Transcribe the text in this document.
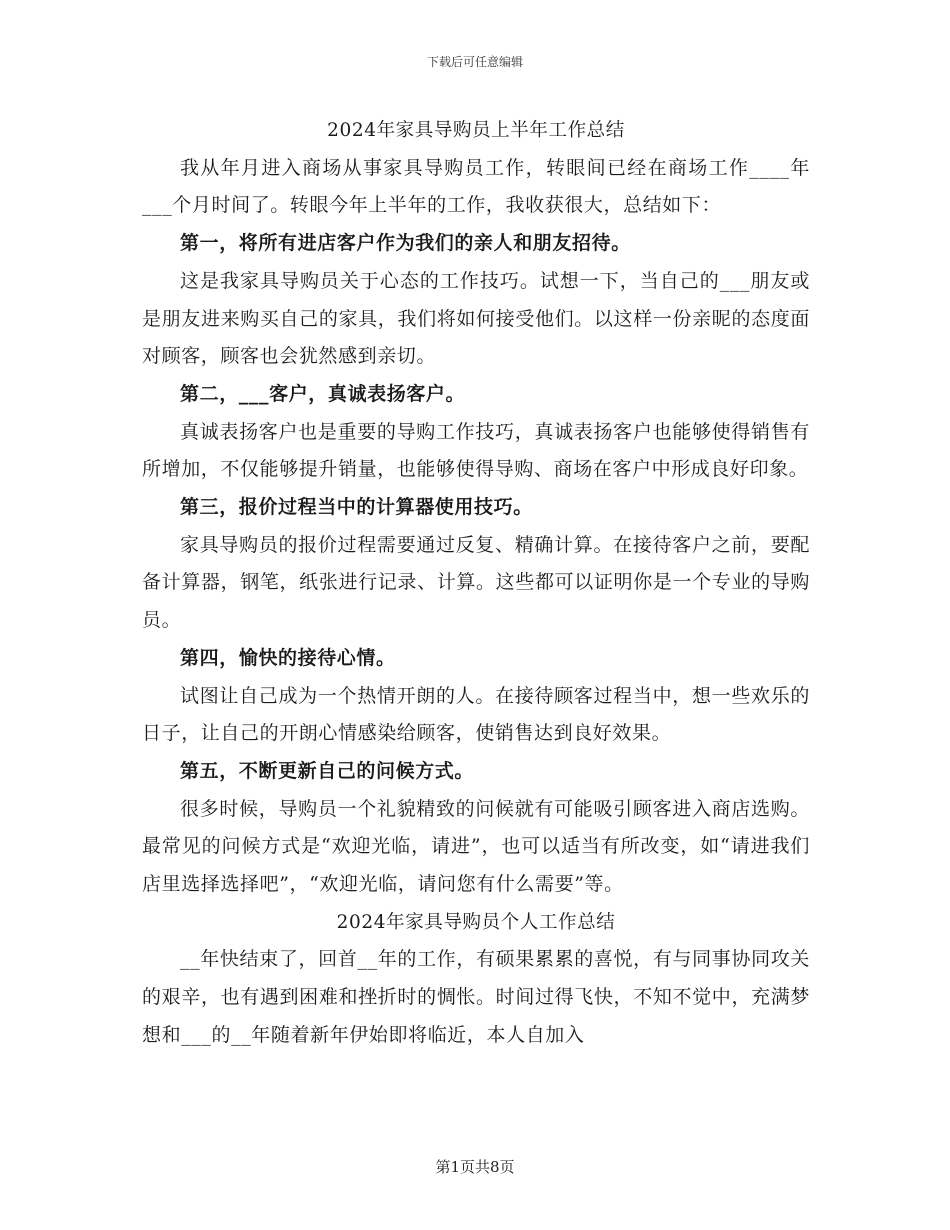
下载后可任意编辑

2024年家具导购员上半年工作总结

我从年月进入商场从事家具导购员工作，转眼间已经在商场工作____年___个月时间了。转眼今年上半年的工作，我收获很大，总结如下：

第一，将所有进店客户作为我们的亲人和朋友招待。

这是我家具导购员关于心态的工作技巧。试想一下，当自己的___朋友或是朋友进来购买自己的家具，我们将如何接受他们。以这样一份亲昵的态度面对顾客，顾客也会犹然感到亲切。

第二，___客户，真诚表扬客户。

真诚表扬客户也是重要的导购工作技巧，真诚表扬客户也能够使得销售有所增加，不仅能够提升销量，也能够使得导购、商场在客户中形成良好印象。

第三，报价过程当中的计算器使用技巧。

家具导购员的报价过程需要通过反复、精确计算。在接待客户之前，要配备计算器，钢笔，纸张进行记录、计算。这些都可以证明你是一个专业的导购员。

第四，愉快的接待心情。

试图让自己成为一个热情开朗的人。在接待顾客过程当中，想一些欢乐的日子，让自己的开朗心情感染给顾客，使销售达到良好效果。

第五，不断更新自己的问候方式。

很多时候，导购员一个礼貌精致的问候就有可能吸引顾客进入商店选购。最常见的问候方式是“欢迎光临，请进”，也可以适当有所改变，如“请进我们店里选择选择吧”，“欢迎光临，请问您有什么需要”等。

2024年家具导购员个人工作总结

__年快结束了，回首__年的工作，有硕果累累的喜悦，有与同事协同攻关的艰辛，也有遇到困难和挫折时的惆怅。时间过得飞快，不知不觉中，充满梦想和___的__年随着新年伊始即将临近，本人自加入

第1页共8页
